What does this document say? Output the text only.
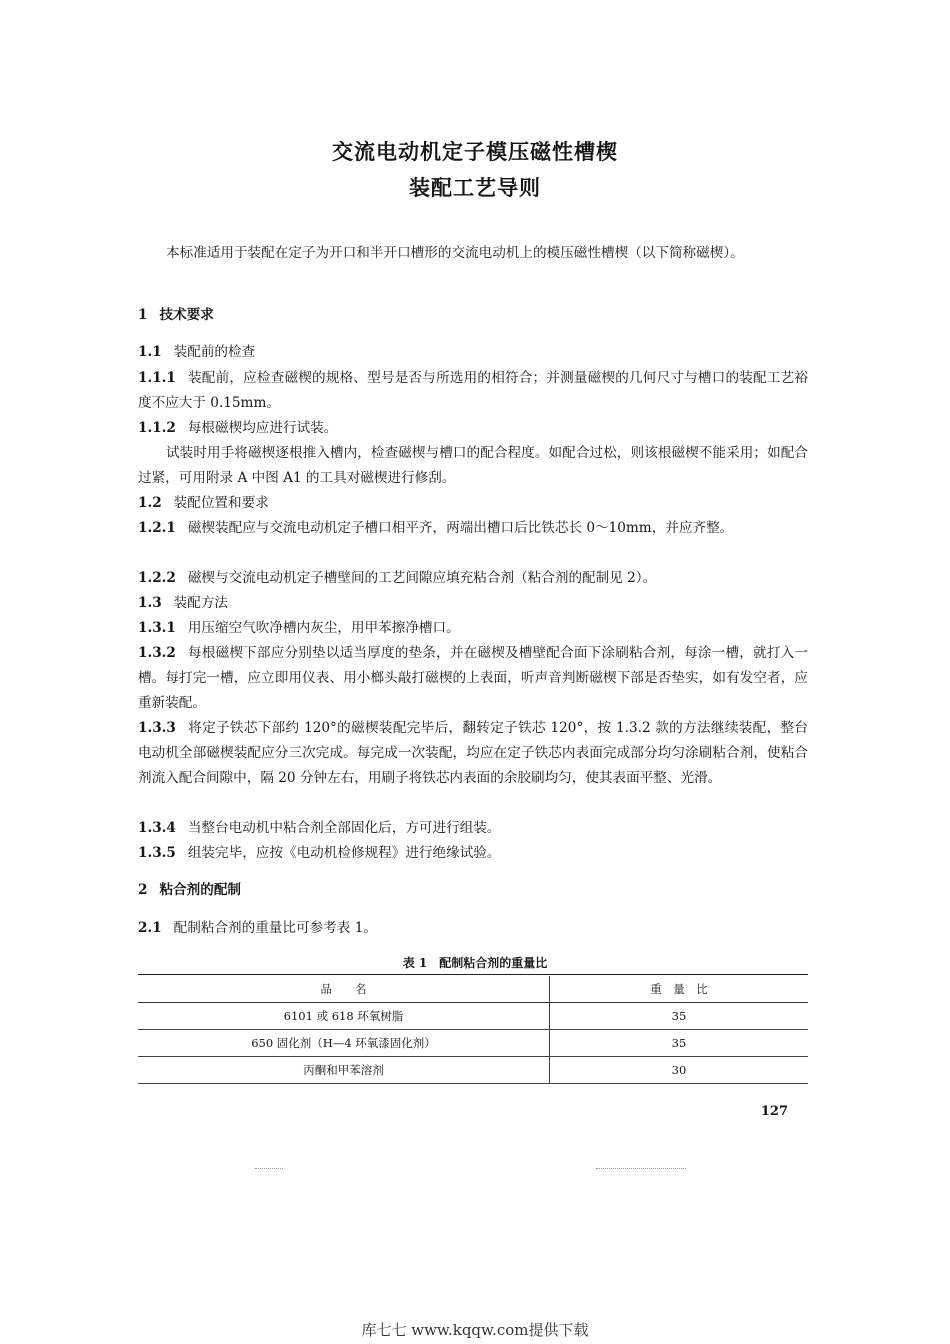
交流电动机定子模压磁性槽楔
装配工艺导则
本标准适用于装配在定子为开口和半开口槽形的交流电动机上的模压磁性槽楔（以下简称磁楔）。
1 技术要求
1.1 装配前的检查
1.1.1 装配前，应检查磁楔的规格、型号是否与所选用的相符合；并测量磁楔的几何尺寸与槽口的装配工艺裕度不应大于 0.15mm。
1.1.2 每根磁楔均应进行试装。
试装时用手将磁楔逐根推入槽内，检查磁楔与槽口的配合程度。如配合过松，则该根磁楔不能采用；如配合过紧，可用附录 A 中图 A1 的工具对磁楔进行修刮。
1.2 装配位置和要求
1.2.1 磁楔装配应与交流电动机定子槽口相平齐，两端出槽口后比铁芯长 0～10mm，并应齐整。
1.2.2 磁楔与交流电动机定子槽壁间的工艺间隙应填充粘合剂（粘合剂的配制见 2）。
1.3 装配方法
1.3.1 用压缩空气吹净槽内灰尘，用甲苯擦净槽口。
1.3.2 每根磁楔下部应分别垫以适当厚度的垫条，并在磁楔及槽壁配合面下涂刷粘合剂，每涂一槽，就打入一槽。每打完一槽，应立即用仪表、用小榔头敲打磁楔的上表面，听声音判断磁楔下部是否垫实，如有发空者，应重新装配。
1.3.3 将定子铁芯下部约 120°的磁楔装配完毕后，翻转定子铁芯 120°，按 1.3.2 款的方法继续装配，整台电动机全部磁楔装配应分三次完成。每完成一次装配，均应在定子铁芯内表面完成部分均匀涂刷粘合剂，使粘合剂流入配合间隙中，隔 20 分钟左右，用刷子将铁芯内表面的余胶刷均匀，使其表面平整、光滑。
1.3.4 当整台电动机中粘合剂全部固化后，方可进行组装。
1.3.5 组装完毕，应按《电动机检修规程》进行绝缘试验。
2 粘合剂的配制
2.1 配制粘合剂的重量比可参考表 1。
表 1　配制粘合剂的重量比
品　　名	重　量　比
6101 或 618 环氧树脂	35
650 固化剂（H—4 环氧漆固化剂）	35
丙酮和甲苯溶剂	30
127
库七七 www.kqqw.com提供下载
